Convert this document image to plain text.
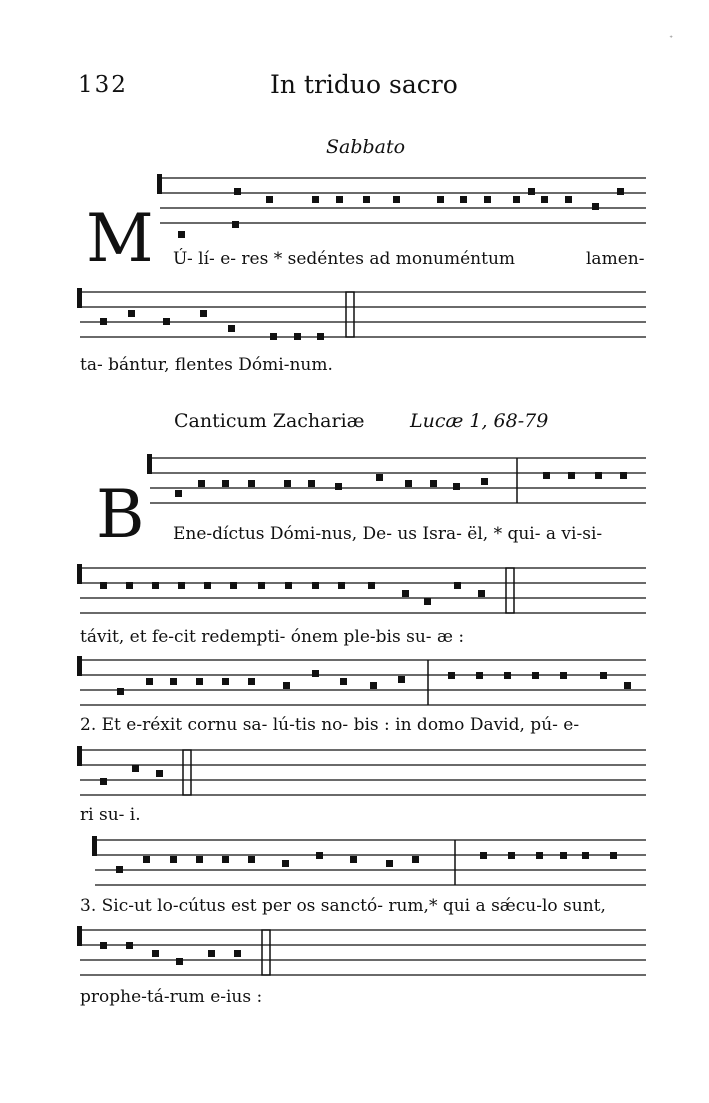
ᐩ
132	In triduo sacro
Sabbato
M Ú- lí- e- res * sedéntes ad monuméntum	lamen-
ta- bántur, flentes Dómi-num.
Canticum Zachariæ Lucæ 1, 68-79
B Ene-díctus Dómi-nus, De- us Isra- ël, * qui- a vi-si-
távit, et fe-cit redempti- ónem ple-bis su- æ :
2. Et e-réxit cornu sa- lú-tis no- bis : in domo David, pú- e-
ri su- i.
3. Sic-ut lo-cútus est per os sanctó- rum,* qui a sǽcu-lo sunt,
prophe-tá-rum e-ius :
